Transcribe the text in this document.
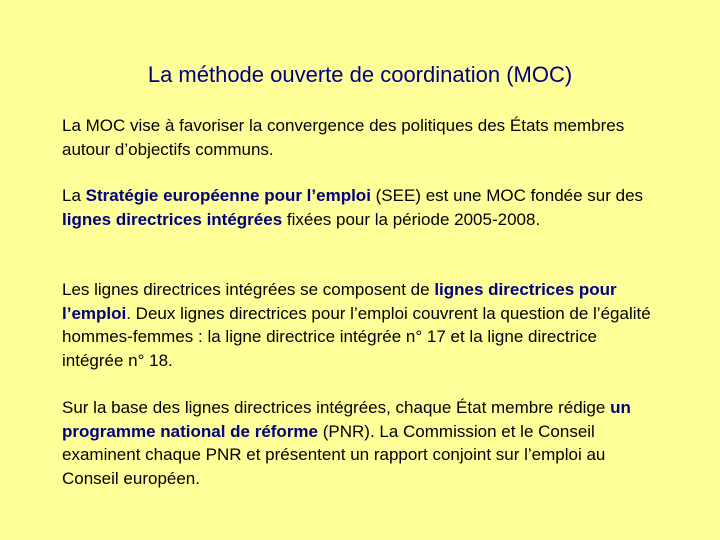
La méthode ouverte de coordination (MOC)

La MOC vise à favoriser la convergence des politiques des États membres autour d’objectifs communs.

La Stratégie européenne pour l’emploi (SEE) est une MOC fondée sur des lignes directrices intégrées fixées pour la période 2005-2008.

Les lignes directrices intégrées se composent de lignes directrices pour l’emploi. Deux lignes directrices pour l’emploi couvrent la question de l’égalité hommes-femmes : la ligne directrice intégrée n° 17 et la ligne directrice intégrée n° 18.

Sur la base des lignes directrices intégrées, chaque État membre rédige un programme national de réforme (PNR). La Commission et le Conseil examinent chaque PNR et présentent un rapport conjoint sur l’emploi au Conseil européen.
